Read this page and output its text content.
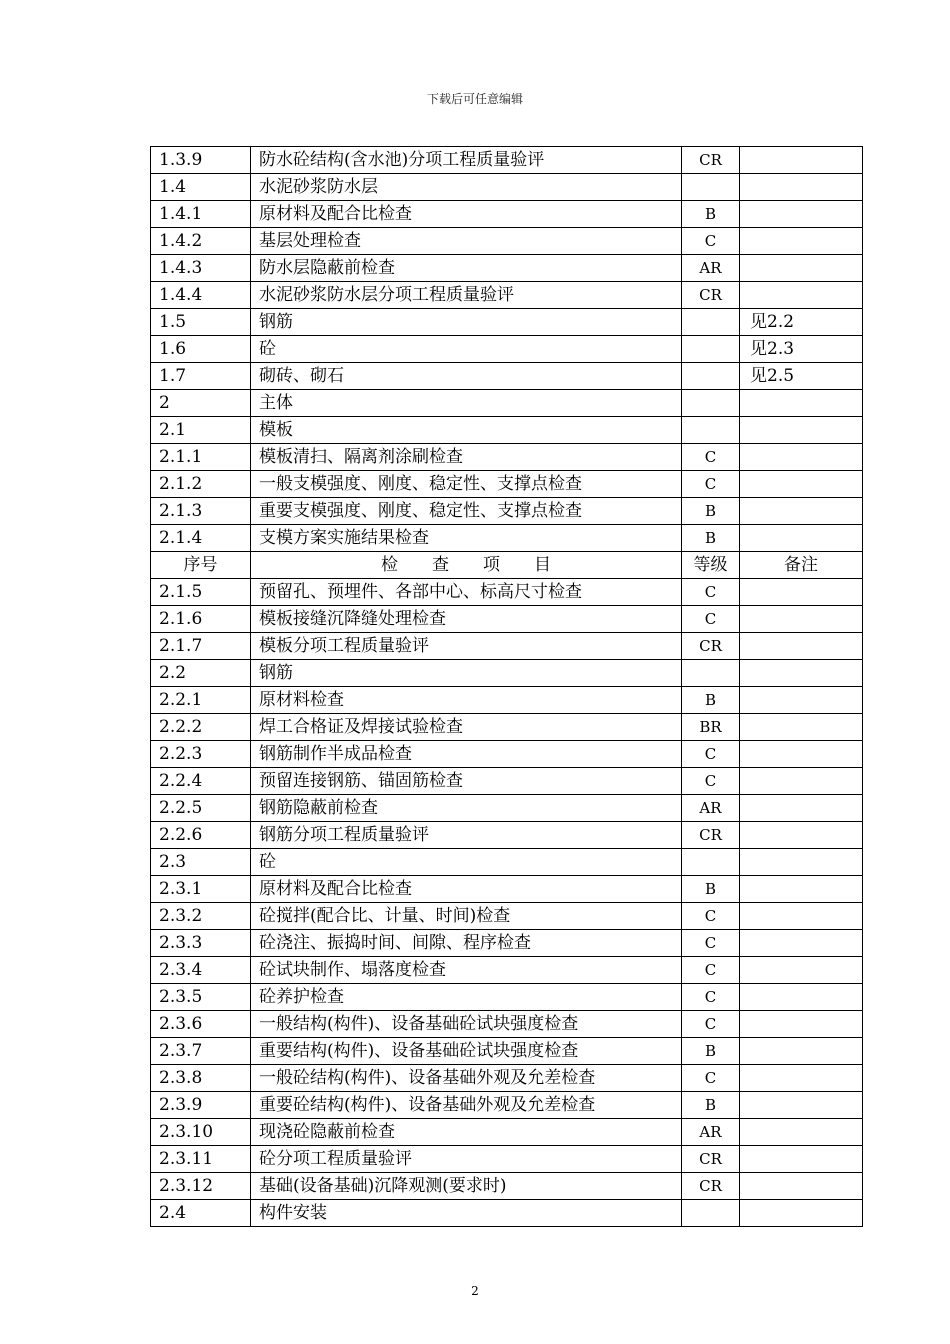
下载后可任意编辑
1.3.9	防水砼结构(含水池)分项工程质量验评	CR	
1.4	水泥砂浆防水层		
1.4.1	原材料及配合比检查	B	
1.4.2	基层处理检查	C	
1.4.3	防水层隐蔽前检查	AR	
1.4.4	水泥砂浆防水层分项工程质量验评	CR	
1.5	钢筋		见2.2
1.6	砼		见2.3
1.7	砌砖、砌石		见2.5
2	主体		
2.1	模板		
2.1.1	模板清扫、隔离剂涂刷检查	C	
2.1.2	一般支模强度、刚度、稳定性、支撑点检查	C	
2.1.3	重要支模强度、刚度、稳定性、支撑点检查	B	
2.1.4	支模方案实施结果检查	B	
序号	检　　查　　项　　目	等级	备注
2.1.5	预留孔、预埋件、各部中心、标高尺寸检查	C	
2.1.6	模板接缝沉降缝处理检查	C	
2.1.7	模板分项工程质量验评	CR	
2.2	钢筋		
2.2.1	原材料检查	B	
2.2.2	焊工合格证及焊接试验检查	BR	
2.2.3	钢筋制作半成品检查	C	
2.2.4	预留连接钢筋、锚固筋检查	C	
2.2.5	钢筋隐蔽前检查	AR	
2.2.6	钢筋分项工程质量验评	CR	
2.3	砼		
2.3.1	原材料及配合比检查	B	
2.3.2	砼搅拌(配合比、计量、时间)检查	C	
2.3.3	砼浇注、振捣时间、间隙、程序检查	C	
2.3.4	砼试块制作、塌落度检查	C	
2.3.5	砼养护检查	C	
2.3.6	一般结构(构件)、设备基础砼试块强度检查	C	
2.3.7	重要结构(构件)、设备基础砼试块强度检查	B	
2.3.8	一般砼结构(构件)、设备基础外观及允差检查	C	
2.3.9	重要砼结构(构件)、设备基础外观及允差检查	B	
2.3.10	现浇砼隐蔽前检查	AR	
2.3.11	砼分项工程质量验评	CR	
2.3.12	基础(设备基础)沉降观测(要求时)	CR	
2.4	构件安装		
2
